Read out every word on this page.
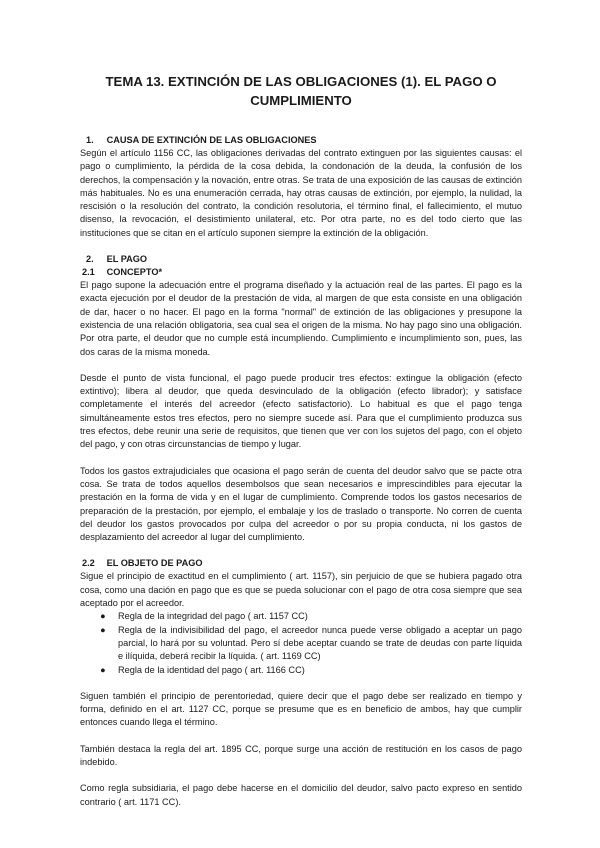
TEMA 13. EXTINCIÓN DE LAS OBLIGACIONES (1). EL PAGO O CUMPLIMIENTO
1. CAUSA DE EXTINCIÓN DE LAS OBLIGACIONES

Según el artículo 1156 CC, las obligaciones derivadas del contrato extinguen por las siguientes causas: el pago o cumplimiento, la pérdida de la cosa debida, la condonación de la deuda, la confusión de los derechos, la compensación y la novación, entre otras. Se trata de una exposición de las causas de extinción más habituales. No es una enumeración cerrada, hay otras causas de extinción, por ejemplo, la nulidad, la rescisión o la resolución del contrato, la condición resolutoria, el término final, el fallecimiento, el mutuo disenso, la revocación, el desistimiento unilateral, etc. Por otra parte, no es del todo cierto que las instituciones que se citan en el artículo suponen siempre la extinción de la obligación.

2. EL PAGO
2.1 CONCEPTO*

El pago supone la adecuación entre el programa diseñado y la actuación real de las partes. El pago es la exacta ejecución por el deudor de la prestación de vida, al margen de que esta consiste en una obligación de dar, hacer o no hacer. El pago en la forma "normal" de extinción de las obligaciones y presupone la existencia de una relación obligatoria, sea cual sea el origen de la misma. No hay pago sino una obligación. Por otra parte, el deudor que no cumple está incumpliendo. Cumplimiento e incumplimiento son, pues, las dos caras de la misma moneda.

Desde el punto de vista funcional, el pago puede producir tres efectos: extingue la obligación (efecto extintivo); libera al deudor, que queda desvinculado de la obligación (efecto librador); y satisface completamente el interés del acreedor (efecto satisfactorio). Lo habitual es que el pago tenga simultáneamente estos tres efectos, pero no siempre sucede así. Para que el cumplimiento produzca sus tres efectos, debe reunir una serie de requisitos, que tienen que ver con los sujetos del pago, con el objeto del pago, y con otras circunstancias de tiempo y lugar.

Todos los gastos extrajudiciales que ocasiona el pago serán de cuenta del deudor salvo que se pacte otra cosa. Se trata de todos aquellos desembolsos que sean necesarios e imprescindibles para ejecutar la prestación en la forma de vida y en el lugar de cumplimiento. Comprende todos los gastos necesarios de preparación de la prestación, por ejemplo, el embalaje y los de traslado o transporte. No corren de cuenta del deudor los gastos provocados por culpa del acreedor o por su propia conducta, ni los gastos de desplazamiento del acreedor al lugar del cumplimiento.

2.2 EL OBJETO DE PAGO

Sigue el principio de exactitud en el cumplimiento ( art. 1157), sin perjuicio de que se hubiera pagado otra cosa, como una dación en pago que es que se pueda solucionar con el pago de otra cosa siempre que sea aceptado por el acreedor.

● Regla de la integridad del pago ( art. 1157 CC)
● Regla de la indivisibilidad del pago, el acreedor nunca puede verse obligado a aceptar un pago parcial, lo hará por su voluntad. Pero sí debe aceptar cuando se trate de deudas con parte líquida e ilíquida, deberá recibir la líquida. ( art. 1169 CC)
● Regla de la identidad del pago ( art. 1166 CC)

Siguen también el principio de perentoriedad, quiere decir que el pago debe ser realizado en tiempo y forma, definido en el art. 1127 CC, porque se presume que es en beneficio de ambos, hay que cumplir entonces cuando llega el término.

También destaca la regla del art. 1895 CC, porque surge una acción de restitución en los casos de pago indebido.

Como regla subsidiaria, el pago debe hacerse en el domicilio del deudor, salvo pacto expreso en sentido contrario ( art. 1171 CC).
